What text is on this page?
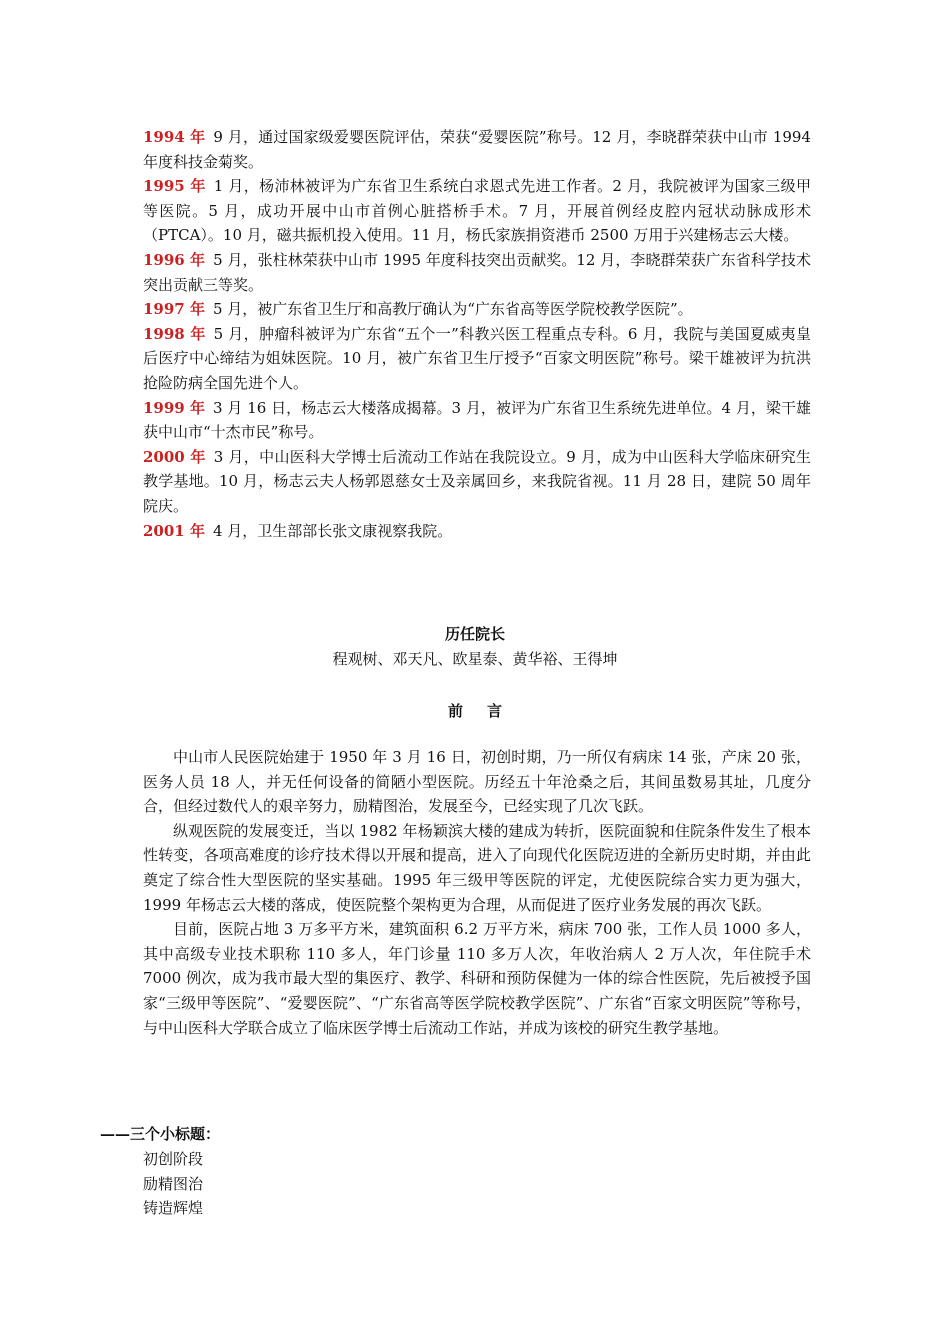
1994 年 9 月，通过国家级爱婴医院评估，荣获“爱婴医院”称号。12 月，李晓群荣获中山市 1994 年度科技金菊奖。

1995 年 1 月，杨沛林被评为广东省卫生系统白求恩式先进工作者。2 月，我院被评为国家三级甲等医院。5 月，成功开展中山市首例心脏搭桥手术。7 月，开展首例经皮腔内冠状动脉成形术（PTCA）。10 月，磁共振机投入使用。11 月，杨氏家族捐资港币 2500 万用于兴建杨志云大楼。

1996 年 5 月，张柱林荣获中山市 1995 年度科技突出贡献奖。12 月，李晓群荣获广东省科学技术突出贡献三等奖。

1997 年 5 月，被广东省卫生厅和高教厅确认为“广东省高等医学院校教学医院”。

1998 年 5 月，肿瘤科被评为广东省“五个一”科教兴医工程重点专科。6 月，我院与美国夏威夷皇后医疗中心缔结为姐妹医院。10 月，被广东省卫生厅授予“百家文明医院”称号。梁干雄被评为抗洪抢险防病全国先进个人。

1999 年 3 月 16 日，杨志云大楼落成揭幕。3 月，被评为广东省卫生系统先进单位。4 月，梁干雄获中山市“十杰市民”称号。

2000 年 3 月，中山医科大学博士后流动工作站在我院设立。9 月，成为中山医科大学临床研究生教学基地。10 月，杨志云夫人杨郭恩慈女士及亲属回乡，来我院省视。11 月 28 日，建院 50 周年院庆。

2001 年 4 月，卫生部部长张文康视察我院。

历任院长
程观树、邓天凡、欧星泰、黄华裕、王得坤
前言

中山市人民医院始建于 1950 年 3 月 16 日，初创时期，乃一所仅有病床 14 张，产床 20 张，医务人员 18 人，并无任何设备的简陋小型医院。历经五十年沧桑之后，其间虽数易其址，几度分合，但经过数代人的艰辛努力，励精图治，发展至今，已经实现了几次飞跃。

纵观医院的发展变迁，当以 1982 年杨颖滨大楼的建成为转折，医院面貌和住院条件发生了根本性转变，各项高难度的诊疗技术得以开展和提高，进入了向现代化医院迈进的全新历史时期，并由此奠定了综合性大型医院的坚实基础。1995 年三级甲等医院的评定，尤使医院综合实力更为强大，1999 年杨志云大楼的落成，使医院整个架构更为合理，从而促进了医疗业务发展的再次飞跃。

目前，医院占地 3 万多平方米，建筑面积 6.2 万平方米，病床 700 张，工作人员 1000 多人，其中高级专业技术职称 110 多人，年门诊量 110 多万人次，年收治病人 2 万人次，年住院手术 7000 例次，成为我市最大型的集医疗、教学、科研和预防保健为一体的综合性医院，先后被授予国家“三级甲等医院”、“爱婴医院”、“广东省高等医学院校教学医院”、广东省“百家文明医院”等称号，与中山医科大学联合成立了临床医学博士后流动工作站，并成为该校的研究生教学基地。

——三个小标题：
初创阶段
励精图治
铸造辉煌
